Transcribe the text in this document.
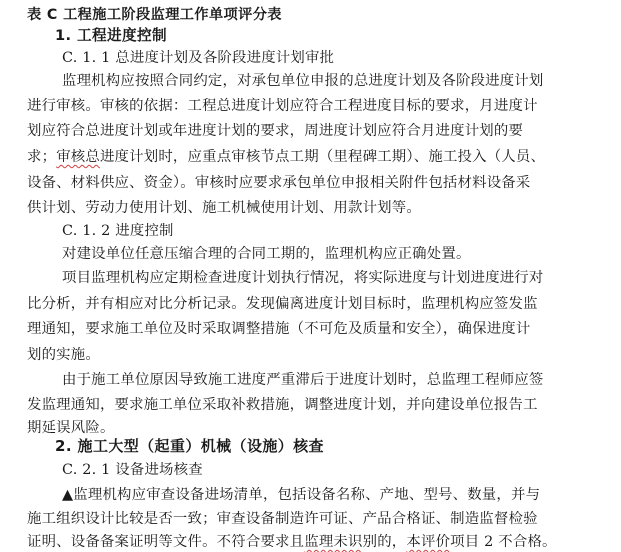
表 C 工程施工阶段监理工作单项评分表
1. 工程进度控制
C. 1. 1 总进度计划及各阶段进度计划审批
监理机构应按照合同约定，对承包单位申报的总进度计划及各阶段进度计划
进行审核。审核的依据：工程总进度计划应符合工程进度目标的要求，月进度计
划应符合总进度计划或年进度计划的要求，周进度计划应符合月进度计划的要
求；审核总进度计划时，应重点审核节点工期（里程碑工期）、施工投入（人员、
设备、材料供应、资金）。审核时应要求承包单位申报相关附件包括材料设备采
供计划、劳动力使用计划、施工机械使用计划、用款计划等。
C. 1. 2 进度控制
对建设单位任意压缩合理的合同工期的，监理机构应正确处置。
项目监理机构应定期检查进度计划执行情况，将实际进度与计划进度进行对
比分析，并有相应对比分析记录。发现偏离进度计划目标时，监理机构应签发监
理通知，要求施工单位及时采取调整措施（不可危及质量和安全），确保进度计
划的实施。
由于施工单位原因导致施工进度严重滞后于进度计划时，总监理工程师应签
发监理通知，要求施工单位采取补救措施，调整进度计划，并向建设单位报告工
期延误风险。
2. 施工大型（起重）机械（设施）核查
C. 2. 1 设备进场核查
▲监理机构应审查设备进场清单，包括设备名称、产地、型号、数量，并与
施工组织设计比较是否一致；审查设备制造许可证、产品合格证、制造监督检验
证明、设备备案证明等文件。不符合要求且监理未识别的，本评价项目 2 不合格。
